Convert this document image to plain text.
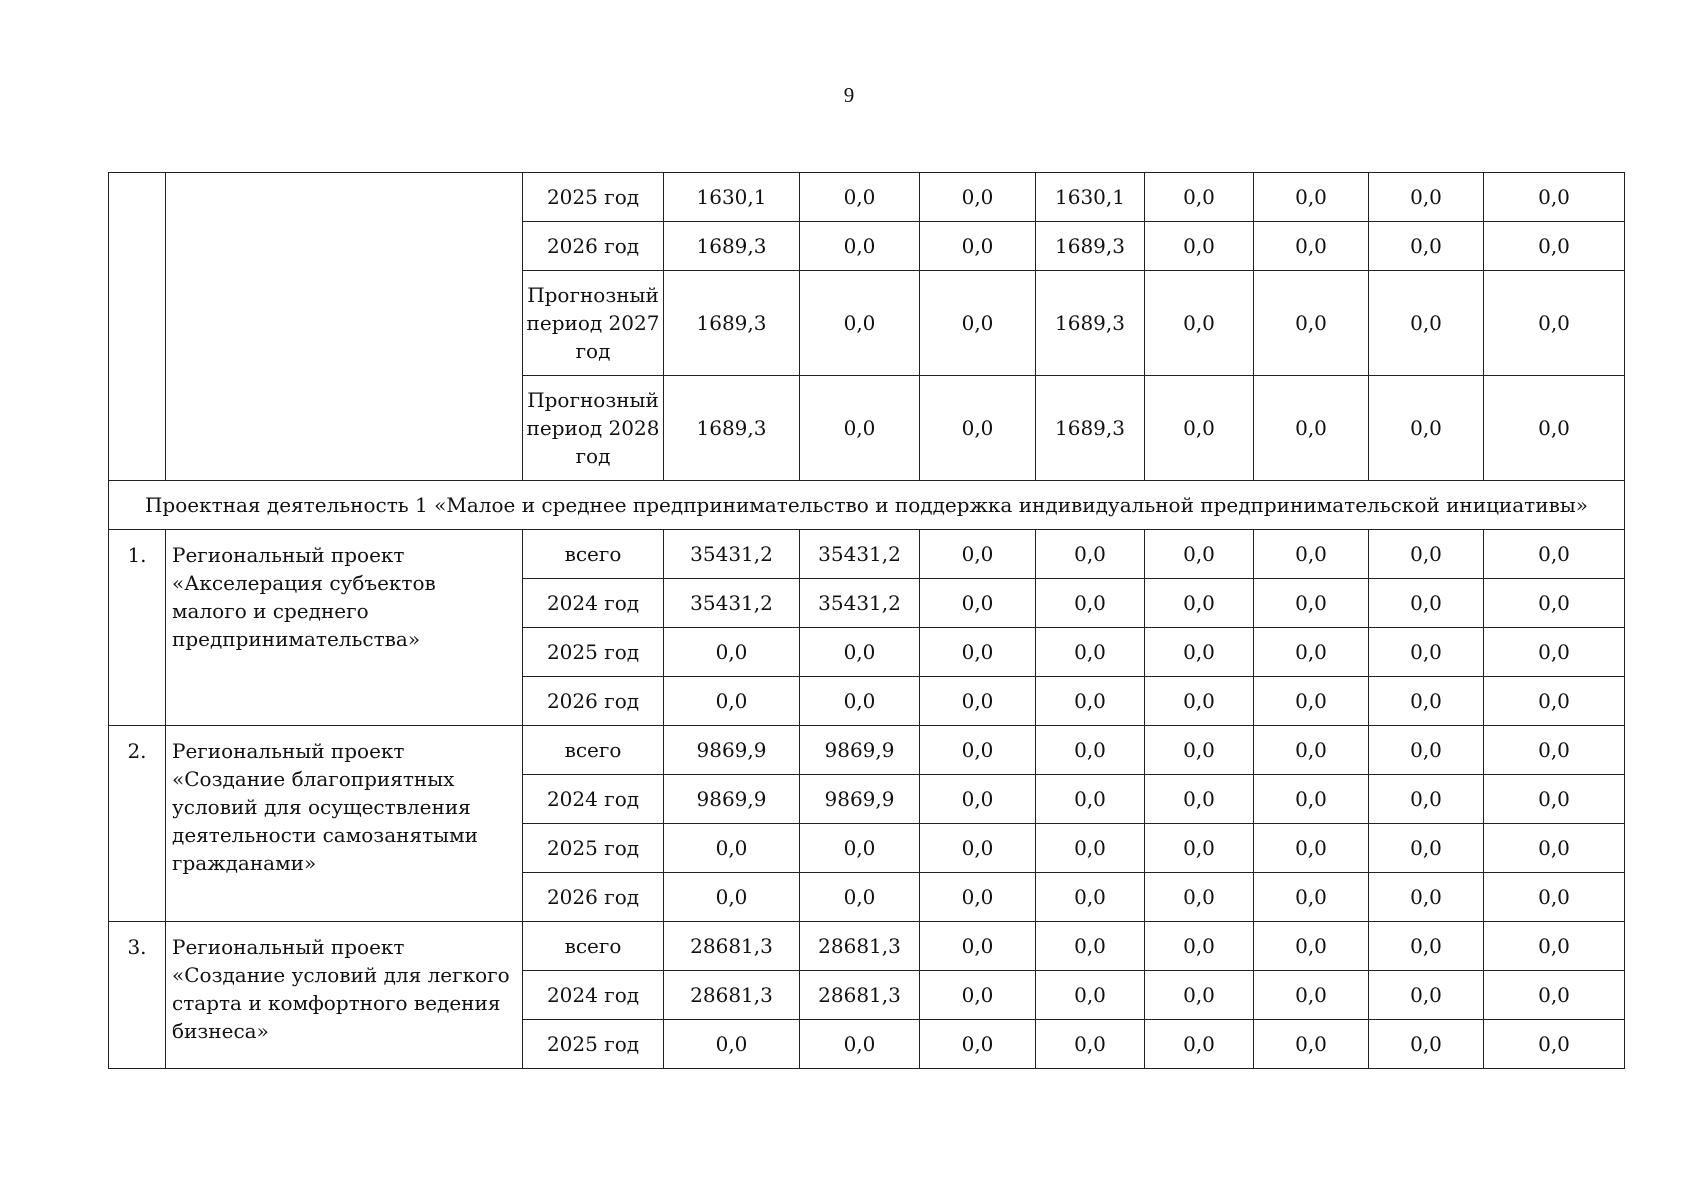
9
		2025 год	1630,1	0,0	0,0	1630,1	0,0	0,0	0,0	0,0
		2026 год	1689,3	0,0	0,0	1689,3	0,0	0,0	0,0	0,0
		Прогнозный период 2027 год	1689,3	0,0	0,0	1689,3	0,0	0,0	0,0	0,0
		Прогнозный период 2028 год	1689,3	0,0	0,0	1689,3	0,0	0,0	0,0	0,0
Проектная деятельность 1 «Малое и среднее предпринимательство и поддержка индивидуальной предпринимательской инициативы»										
1.	Региональный проект «Акселерация субъектов малого и среднего предпринимательства»	всего	35431,2	35431,2	0,0	0,0	0,0	0,0	0,0	0,0
		2024 год	35431,2	35431,2	0,0	0,0	0,0	0,0	0,0	0,0
		2025 год	0,0	0,0	0,0	0,0	0,0	0,0	0,0	0,0
		2026 год	0,0	0,0	0,0	0,0	0,0	0,0	0,0	0,0
2.	Региональный проект «Создание благоприятных условий для осуществления деятельности самозанятыми гражданами»	всего	9869,9	9869,9	0,0	0,0	0,0	0,0	0,0	0,0
		2024 год	9869,9	9869,9	0,0	0,0	0,0	0,0	0,0	0,0
		2025 год	0,0	0,0	0,0	0,0	0,0	0,0	0,0	0,0
		2026 год	0,0	0,0	0,0	0,0	0,0	0,0	0,0	0,0
3.	Региональный проект «Создание условий для легкого старта и комфортного ведения бизнеса»	всего	28681,3	28681,3	0,0	0,0	0,0	0,0	0,0	0,0
		2024 год	28681,3	28681,3	0,0	0,0	0,0	0,0	0,0	0,0
		2025 год	0,0	0,0	0,0	0,0	0,0	0,0	0,0	0,0
